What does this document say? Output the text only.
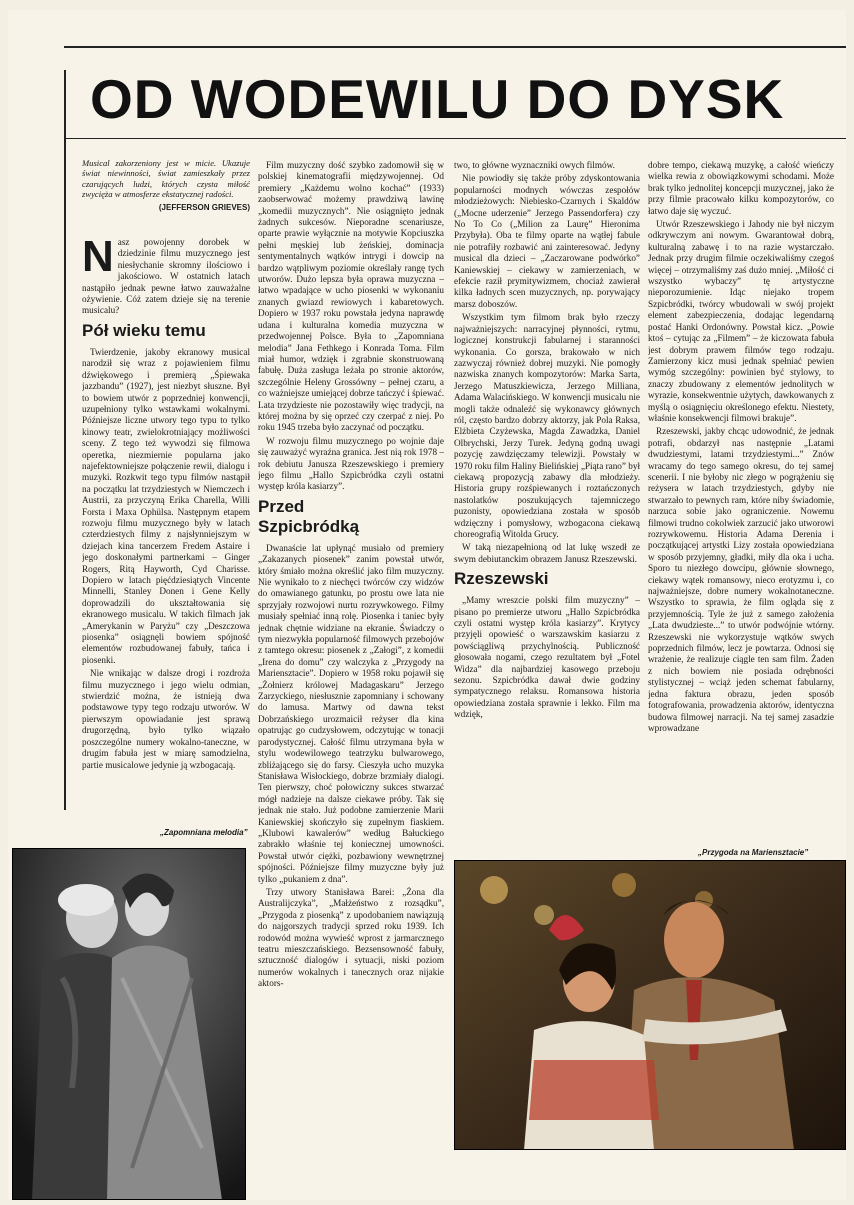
OD WODEWILU DO DYSK

Musical zakorzeniony jest w micie. Ukazuje świat niewinności, świat zamieszkały przez czarujących ludzi, których czysta miłość zwycięża w atmosferze ekstatycznej radości.

(JEFFERSON GRIEVES)

Nasz powojenny dorobek w dziedzinie filmu muzycznego jest niesłychanie skromny ilościowo i jakościowo. W ostatnich latach nastąpiło jednak pewne łatwo zauważalne ożywienie. Cóż zatem dzieje się na terenie musicalu?

Pół wieku temu

Twierdzenie, jakoby ekranowy musical narodził się wraz z pojawieniem filmu dźwiękowego i premierą „Śpiewaka jazzbandu” (1927), jest niezbyt słuszne. Był to bowiem utwór z poprzedniej konwencji, uzupełniony tylko wstawkami wokalnymi. Późniejsze liczne utwory tego typu to tylko kinowy teatr, zwielokrotniający możliwości sceny. Z tego też wywodzi się filmowa operetka, niezmiernie popularna jako najefektowniejsze połączenie rewii, dialogu i muzyki. Rozkwit tego typu filmów nastąpił na początku lat trzydziestych w Niemczech i Austrii, za przyczyną Erika Charella, Willi Forsta i Maxa Ophülsa. Następnym etapem rozwoju filmu muzycznego były w latach czterdziestych filmy z najsłynniejszym w dziejach kina tancerzem Fredem Astaire i jego doskonałymi partnerkami – Ginger Rogers, Ritą Hayworth, Cyd Charisse. Dopiero w latach pięćdziesiątych Vincente Minnelli, Stanley Donen i Gene Kelly doprowadzili do ukształtowania się ekranowego musicalu. W takich filmach jak „Amerykanin w Paryżu” czy „Deszczowa piosenka” osiągnęli bowiem spójność elementów rozbudowanej fabuły, tańca i piosenki.

Nie wnikając w dalsze drogi i rozdroża filmu muzycznego i jego wielu odmian, stwierdzić można, że istnieją dwa podstawowe typy tego rodzaju utworów. W pierwszym opowiadanie jest sprawą drugorzędną, było tylko wiązało poszczególne numery wokalno-taneczne, w drugim fabuła jest w miarę samodzielna, partie musicalowe jedynie ją wzbogacają.

Film muzyczny dość szybko zadomowił się w polskiej kinematografii międzywojennej. Od premiery „Każdemu wolno kochać” (1933) zaobserwować możemy prawdziwą lawinę „komedii muzycznych”. Nie osiągnięto jednak żadnych sukcesów. Nieporadne scenariusze, oparte prawie wyłącznie na motywie Kopciuszka pełni męskiej lub żeńskiej, dominacja sentymentalnych wątków intrygi i dowcip na bardzo wątpliwym poziomie określały rangę tych utworów. Dużo lepsza była oprawa muzyczna – łatwo wpadające w ucho piosenki w wykonaniu znanych gwiazd rewiowych i kabaretowych. Dopiero w 1937 roku powstała jedyna naprawdę udana i kulturalna komedia muzyczna w przedwojennej Polsce. Była to „Zapomniana melodia” Jana Fethkego i Konrada Toma. Film miał humor, wdzięk i zgrabnie skonstruowaną fabułę. Duża zasługa leżała po stronie aktorów, szczególnie Heleny Grossówny – pełnej czaru, a co ważniejsze umiejącej dobrze tańczyć i śpiewać. Lata trzydzieste nie pozostawiły więc tradycji, na której można by się oprzeć czy czerpać z niej. Po roku 1945 trzeba było zaczynać od początku.

W rozwoju filmu muzycznego po wojnie daje się zauważyć wyraźna granica. Jest nią rok 1978 – rok debiutu Janusza Rzeszewskiego i premiery jego filmu „Hallo Szpicbródka czyli ostatni występ króla kasiarzy”.

Przed Szpicbródką

Dwanaście lat upłynąć musiało od premiery „Zakazanych piosenek” zanim powstał utwór, który śmiało można określić jako film muzyczny. Nie wynikało to z niechęci twórców czy widzów do omawianego gatunku, po prostu owe lata nie sprzyjały rozwojowi nurtu rozrywkowego. Filmy musiały spełniać inną rolę. Piosenka i taniec były jednak chętnie widziane na ekranie. Świadczy o tym niezwykła popularność filmowych przebojów z tamtego okresu: piosenek z „Załogi”, z komedii „Irena do domu” czy walczyka z „Przygody na Mariensztacie”. Dopiero w 1958 roku pojawił się „Żołnierz królowej Madagaskaru” Jerzego Zarzyckiego, niesłusznie zapomniany i schowany do lamusa. Martwy od dawna tekst Dobrzańskiego urozmaicił reżyser dla kina opatrując go cudzysłowem, odczytując w tonacji parodystycznej. Całość filmu utrzymana była w stylu wodewilowego teatrzyku bulwarowego, zbliżającego się do farsy. Cieszyła ucho muzyka Stanisława Wisłockiego, dobrze brzmiały dialogi. Ten pierwszy, choć połowiczny sukces stwarzać mógł nadzieje na dalsze ciekawe próby. Tak się jednak nie stało. Już podobne zamierzenie Marii Kaniewskiej skończyło się zupełnym fiaskiem. „Klubowi kawalerów” według Bałuckiego zabrakło właśnie tej koniecznej umowności. Powstał utwór ciężki, pozbawiony wewnętrznej spójności. Późniejsze filmy muzyczne były już tylko „pukaniem z dna”.

Trzy utwory Stanisława Barei: „Żona dla Australijczyka”, „Małżeństwo z rozsądku”, „Przygoda z piosenką” z upodobaniem nawiązują do najgorszych tradycji sprzed roku 1939. Ich rodowód można wywieść wprost z jarmarcznego teatru mieszczańskiego. Bezsensowność fabuły, sztuczność dialogów i sytuacji, niski poziom numerów wokalnych i tanecznych oraz nijakie aktors-

two, to główne wyznaczniki owych filmów.

Nie powiodły się także próby zdyskontowania popularności modnych wówczas zespołów młodzieżowych: Niebiesko-Czarnych i Skaldów („Mocne uderzenie” Jerzego Passendorfera) czy No To Co („Milion za Laurę” Hieronima Przybyła). Oba te filmy oparte na wątłej fabule nie potrafiły rozbawić ani zainteresować. Jedyny musical dla dzieci – „Zaczarowane podwórko” Kaniewskiej – ciekawy w zamierzeniach, w efekcie raził prymitywizmem, chociaż zawierał kilka ładnych scen muzycznych, np. porywający marsz doboszów.

Wszystkim tym filmom brak było rzeczy najważniejszych: narracyjnej płynności, rytmu, logicznej konstrukcji fabularnej i staranności wykonania. Co gorsza, brakowało w nich zazwyczaj również dobrej muzyki. Nie pomogły nazwiska znanych kompozytorów: Marka Sarta, Jerzego Matuszkiewicza, Jerzego Milliana, Adama Walacińskiego. W konwencji musicalu nie mogli także odnaleźć się wykonawcy głównych ról, często bardzo dobrzy aktorzy, jak Pola Raksa, Elżbieta Czyżewska, Magda Zawadzka, Daniel Olbrychski, Jerzy Turek. Jedyną godną uwagi pozycję zawdzięczamy telewizji. Powstały w 1970 roku film Haliny Bielińskiej „Piąta rano” był ciekawą propozycją zabawy dla młodzieży. Historia grupy rozśpiewanych i roztańczonych nastolatków poszukujących tajemniczego puzonisty, opowiedziana została w sposób wdzięczny i pomysłowy, wzbogacona ciekawą choreografią Witolda Grucy.

W taką niezapełnioną od lat lukę wszedł ze swym debiutanckim obrazem Janusz Rzeszewski.

Rzeszewski

„Mamy wreszcie polski film muzyczny” – pisano po premierze utworu „Hallo Szpicbródka czyli ostatni występ króla kasiarzy”. Krytycy przyjęli opowieść o warszawskim kasiarzu z powściągliwą przychylnością. Publiczność głosowała nogami, czego rezultatem był „Fotel Widza” dla najbardziej kasowego przeboju sezonu. Szpicbródka dawał dwie godziny sympatycznego relaksu. Romansowa historia opowiedziana została sprawnie i lekko. Film ma wdzięk,

dobre tempo, ciekawą muzykę, a całość wieńczy wielka rewia z obowiązkowymi schodami. Może brak tylko jednolitej koncepcji muzycznej, jako że przy filmie pracowało kilku kompozytorów, co łatwo daje się wyczuć.

Utwór Rzeszewskiego i Jahody nie był niczym odkrywczym ani nowym. Gwarantował dobrą, kulturalną zabawę i to na razie wystarczało. Jednak przy drugim filmie oczekiwaliśmy czegoś więcej – otrzymaliśmy zaś dużo mniej. „Miłość ci wszystko wybaczy” tę artystyczne nieporozumienie. Idąc niejako tropem Szpicbródki, twórcy wbudowali w swój projekt element zabezpieczenia, dodając legendarną postać Hanki Ordonówny. Powstał kicz. „Powie ktoś – cytując za „Filmem” – że kiczowata fabuła jest dobrym prawem filmów tego rodzaju. Zamierzony kicz musi jednak spełniać pewien wymóg szczególny: powinien być stylowy, to znaczy zbudowany z elementów jednolitych w wyrazie, konsekwentnie użytych, dawkowanych z myślą o osiągnięciu określonego efektu. Niestety, właśnie konsekwencji filmowi brakuje”.

Rzeszewski, jakby chcąc udowodnić, że jednak potrafi, obdarzył nas następnie „Latami dwudziestymi, latami trzydziestymi...” Znów wracamy do tego samego okresu, do tej samej scenerii. I nie byłoby nic złego w pogrążeniu się reżysera w latach trzydziestych, gdyby nie stwarzało to pewnych ram, które niby świadomie, narzuca sobie jako ograniczenie. Nowemu filmowi trudno cokolwiek zarzucić jako utworowi rozrywkowemu. Historia Adama Derenia i początkującej artystki Lizy została opowiedziana w sposób przyjemny, gładki, miły dla oka i ucha. Sporo tu niezłego dowcipu, głównie słownego, ciekawy wątek romansowy, nieco erotyzmu i, co najważniejsze, dobre numery wokalnotaneczne. Wszystko to sprawia, że film ogląda się z przyjemnością. Tyle że już z samego założenia „Lata dwudzieste...” to utwór podwójnie wtórny. Rzeszewski nie wykorzystuje wątków swych poprzednich filmów, lecz je powtarza. Odnosi się wrażenie, że realizuje ciągle ten sam film. Żaden z nich bowiem nie posiada odrębności stylistycznej – wciąż jeden schemat fabularny, jedna faktura obrazu, jeden sposób fotografowania, prowadzenia aktorów, identyczna budowa filmowej narracji. Na tej samej zasadzie wprowadzane

„Zapomniana melodia”
„Przygoda na Mariensztacie”
